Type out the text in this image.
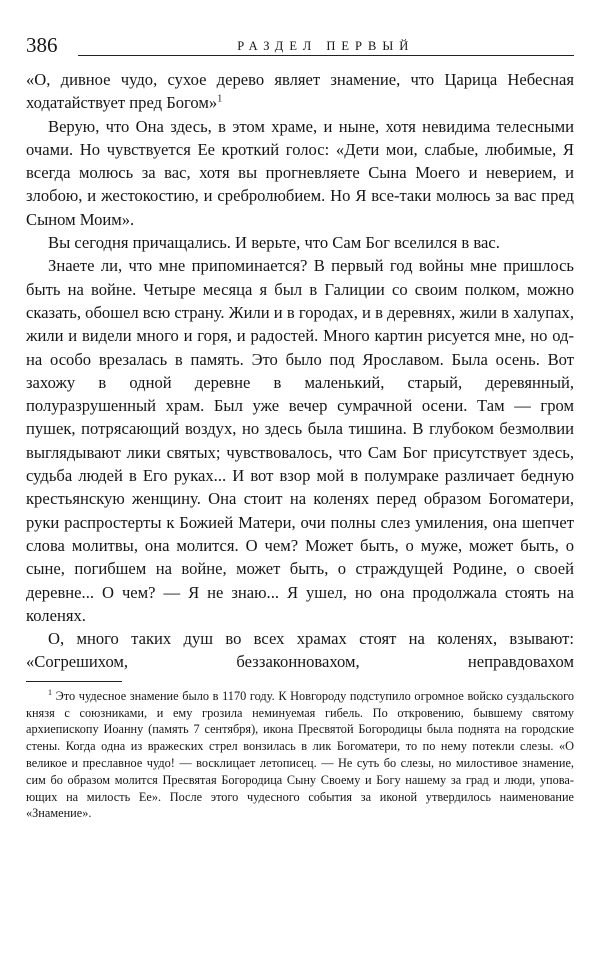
386	РАЗДЕЛ ПЕРВЫЙ

«О, дивное чудо, сухое дерево являет знамение, что Царица Небесная ходатайствует пред Богом»$^1$

Верую, что Она здесь, в этом храме, и ныне, хотя невидима телесными очами. Но чувствуется Ее кроткий голос: «Дети мои, слабые, любимые, Я всегда молюсь за вас, хотя вы прогневляете Сына Моего и неверием, и злобою, и жестокостию, и сребролюбием. Но Я все-таки молюсь за вас пред Сыном Моим».

Вы сегодня причащались. И верьте, что Сам Бог вселился в вас.

Знаете ли, что мне припоминается? В первый год войны мне пришлось быть на войне. Четыре месяца я был в Галиции со своим полком, можно сказать, обошел всю страну. Жили и в городах, и в деревнях, жили в халупах, жили и видели много и горя, и радостей. Много картин рисуется мне, но одна особо врезалась в память. Это было под Ярославом. Была осень. Вот захожу в одной деревне в маленький, старый, деревянный, полуразрушенный храм. Был уже вечер сумрачной осени. Там — гром пушек, потрясающий воздух, но здесь была тишина. В глубоком безмолвии выглядывают лики святых; чувствовалось, что Сам Бог присутствует здесь, судьба людей в Его руках... И вот взор мой в полумраке различает бедную крестьянскую женщину. Она стоит на коленях перед образом Богоматери, руки распростерты к Божией Матери, очи полны слез умиления, она шепчет слова молитвы, она молится. О чем? Может быть, о муже, может быть, о сыне, погибшем на войне, может быть, о страждущей Родине, о своей деревне... О чем? — Я не знаю... Я ушел, но она продолжала стоять на коленях.

О, много таких душ во всех храмах стоят на коленях, взывают: «Согрешихом, беззаконновахом, неправдовахом

$^1$ Это чудесное знамение было в 1170 году. К Новгороду подступило огромное войско суздальского князя с союзниками, и ему грозила неминуемая гибель. По откровению, бывшему святому архиепископу Иоанну (память 7 сентября), икона Пресвятой Богородицы была поднята на городские стены. Когда одна из вражеских стрел вонзилась в лик Богоматери, то по нему потекли слезы. «О великое и преславное чудо! — восклицает летописец. — Не суть бо слезы, но милостивое знамение, сим бо образом молится Пресвятая Богородица Сыну Своему и Богу нашему за град и люди, уповающих на милость Ее». После этого чудесного события за иконой утвердилось наименование «Знамение».
